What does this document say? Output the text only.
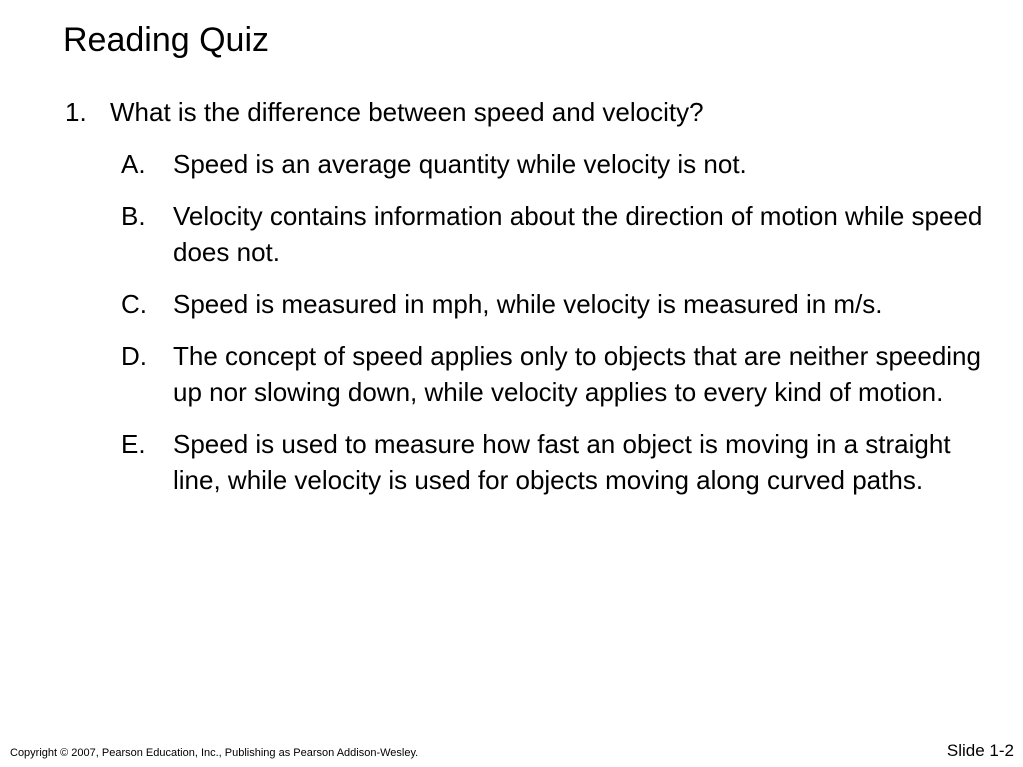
Reading Quiz
1. What is the difference between speed and velocity?
A. Speed is an average quantity while velocity is not.
B. Velocity contains information about the direction of motion while speed does not.
C. Speed is measured in mph, while velocity is measured in m/s.
D. The concept of speed applies only to objects that are neither speeding up nor slowing down, while velocity applies to every kind of motion.
E. Speed is used to measure how fast an object is moving in a straight line, while velocity is used for objects moving along curved paths.
Copyright © 2007, Pearson Education, Inc., Publishing as Pearson Addison-Wesley.	Slide 1-2
